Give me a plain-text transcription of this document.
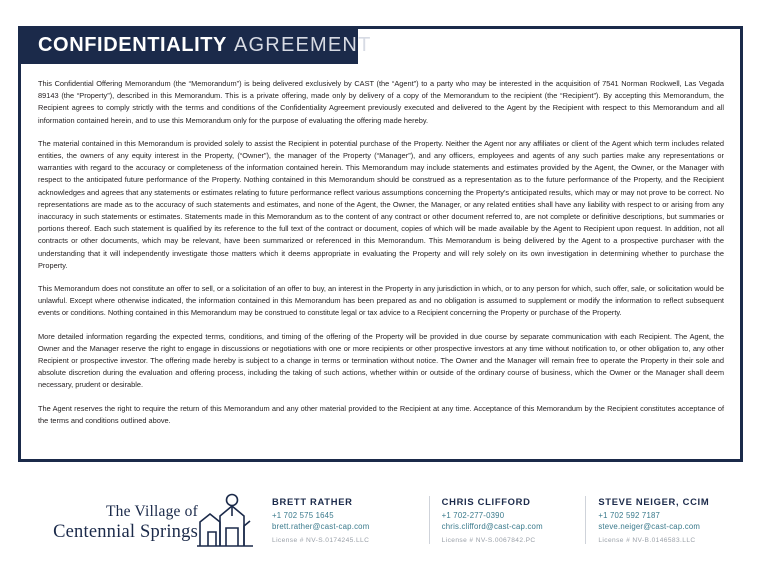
CONFIDENTIALITY AGREEMENT

This Confidential Offering Memorandum (the “Memorandum”) is being delivered exclusively by CAST (the “Agent”) to a party who may be interested in the acquisition of 7541 Norman Rockwell, Las Vegada 89143 (the “Property”), described in this Memorandum. This is a private offering, made only by delivery of a copy of the Memorandum to the recipient (the “Recipient”). By accepting this Memorandum, the Recipient agrees to comply strictly with the terms and conditions of the Confidentiality Agreement previously executed and delivered to the Agent by the Recipient with respect to this Memorandum and all information contained herein, and to use this Memorandum only for the purpose of evaluating the offering made hereby.

The material contained in this Memorandum is provided solely to assist the Recipient in potential purchase of the Property. Neither the Agent nor any affiliates or client of the Agent which term includes related entities, the owners of any equity interest in the Property, (“Owner”), the manager of the Property (“Manager”), and any officers, employees and agents of any such parties make any representations or warranties with regard to the accuracy or completeness of the information contained herein. This Memorandum may include statements and estimates provided by the Agent, the Owner, or the Manager with respect to the anticipated future performance of the Property. Nothing contained in this Memorandum should be construed as a representation as to the future performance of the Property, and the Recipient acknowledges and agrees that any statements or estimates relating to future performance reflect various assumptions concerning the Property’s anticipated results, which may or may not prove to be correct. No representations are made as to the accuracy of such statements and estimates, and none of the Agent, the Owner, the Manager, or any related entities shall have any liability with respect to or arising from any inaccuracy in such statements or estimates. Statements made in this Memorandum as to the content of any contract or other document referred to, are not complete or definitive descriptions, but summaries or portions thereof. Each such statement is qualified by its reference to the full text of the contract or document, copies of which will be made available by the Agent to Recipient upon request. In addition, not all contracts or other documents, which may be relevant, have been summarized or referenced in this Memorandum. This Memorandum is being delivered by the Agent to a prospective purchaser with the understanding that it will independently investigate those matters which it deems appropriate in evaluating the Property and will rely solely on its own investigation in determining whether to purchase the Property.

This Memorandum does not constitute an offer to sell, or a solicitation of an offer to buy, an interest in the Property in any jurisdiction in which, or to any person for which, such offer, sale, or solicitation would be unlawful. Except where otherwise indicated, the information contained in this Memorandum has been prepared as and no obligation is assumed to supplement or modify the information to reflect subsequent events or conditions. Nothing contained in this Memorandum may be construed to constitute legal or tax advice to a Recipient concerning the Property or purchase of the Property.

More detailed information regarding the expected terms, conditions, and timing of the offering of the Property will be provided in due course by separate communication with each Recipient. The Agent, the Owner and the Manager reserve the right to engage in discussions or negotiations with one or more recipients or other prospective investors at any time without notification to, or other obligation to, any other Recipient or prospective investor. The offering made hereby is subject to a change in terms or termination without notice. The Owner and the Manager will remain free to operate the Property in their sole and absolute discretion during the evaluation and offering process, including the taking of such actions, whether within or outside of the ordinary course of business, which the Owner or the Manager shall deem necessary, prudent or desirable.

The Agent reserves the right to require the return of this Memorandum and any other material provided to the Recipient at any time. Acceptance of this Memorandum by the Recipient constitutes acceptance of the terms and conditions outlined above.

The Village of
Centennial Springs
BRETT RATHER
+1 702 575 1645
brett.rather@cast-cap.com
License # NV-S.0174245.LLC
CHRIS CLIFFORD
+1 702-277-0390
chris.clifford@cast-cap.com
License # NV-S.0067842.PC
STEVE NEIGER, CCIM
+1 702 592 7187
steve.neiger@cast-cap.com
License # NV-B.0146583.LLC
